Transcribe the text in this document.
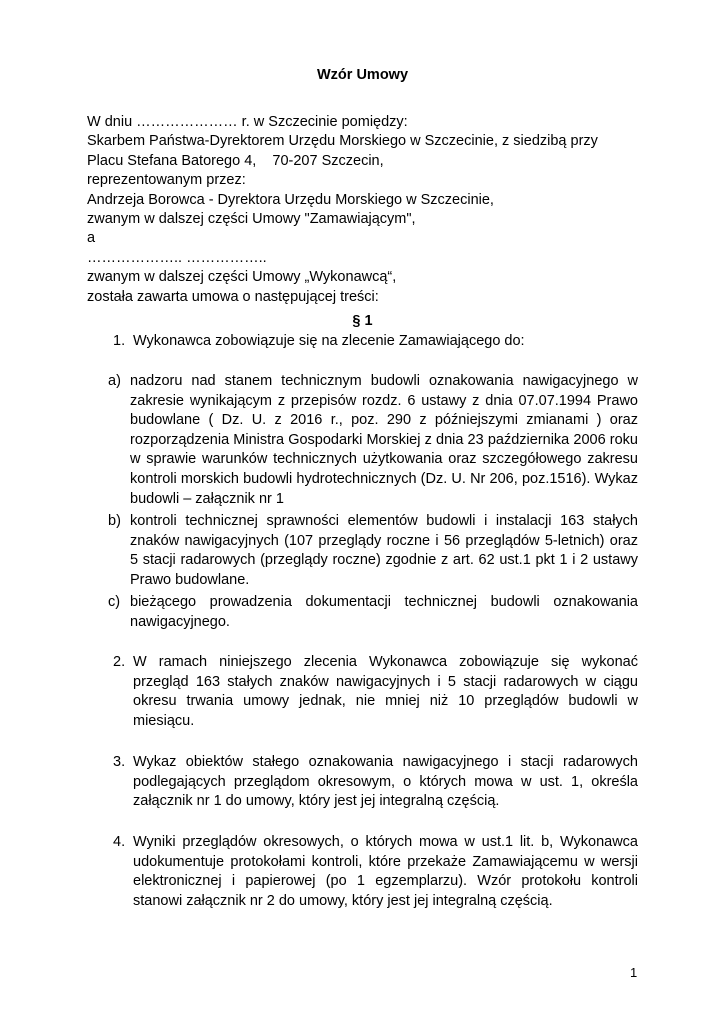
Wzór Umowy
W dniu ………………… r. w Szczecinie pomiędzy:
Skarbem Państwa-Dyrektorem Urzędu Morskiego w Szczecinie, z siedzibą przy
Placu Stefana Batorego 4,    70-207 Szczecin,
reprezentowanym przez:
Andrzeja Borowca - Dyrektora Urzędu Morskiego w Szczecinie,
zwanym w dalszej części Umowy "Zamawiającym",
a
……………….. ……………..
zwanym w dalszej części Umowy „Wykonawcą“,
została zawarta umowa o następującej treści:
§ 1
1. Wykonawca zobowiązuje się na zlecenie Zamawiającego do:
a) nadzoru nad stanem technicznym budowli oznakowania nawigacyjnego w zakresie wynikającym z przepisów rozdz. 6 ustawy z dnia 07.07.1994 Prawo budowlane ( Dz. U. z 2016 r., poz. 290 z późniejszymi zmianami ) oraz rozporządzenia Ministra Gospodarki Morskiej z dnia 23 października 2006 roku w sprawie warunków technicznych użytkowania oraz szczegółowego zakresu kontroli morskich budowli hydrotechnicznych (Dz. U. Nr 206, poz.1516). Wykaz budowli – załącznik nr 1
b) kontroli technicznej sprawności elementów budowli i instalacji 163 stałych znaków nawigacyjnych (107 przeglądy roczne i 56 przeglądów 5-letnich) oraz 5 stacji radarowych (przeglądy roczne) zgodnie z art. 62 ust.1 pkt 1 i 2 ustawy Prawo budowlane.
c) bieżącego prowadzenia dokumentacji technicznej budowli oznakowania nawigacyjnego.
2. W ramach niniejszego zlecenia Wykonawca zobowiązuje się wykonać przegląd 163 stałych znaków nawigacyjnych i 5 stacji radarowych w ciągu okresu trwania umowy jednak, nie mniej niż 10 przeglądów budowli w miesiącu.
3. Wykaz obiektów stałego oznakowania nawigacyjnego i stacji radarowych podlegających przeglądom okresowym, o których mowa w ust. 1, określa załącznik nr 1 do umowy, który jest jej integralną częścią.
4. Wyniki przeglądów okresowych, o których mowa w ust.1 lit. b, Wykonawca udokumentuje protokołami kontroli, które przekaże Zamawiającemu w wersji elektronicznej i papierowej (po 1 egzemplarzu). Wzór protokołu kontroli stanowi załącznik nr 2 do umowy, który jest jej integralną częścią.
1
